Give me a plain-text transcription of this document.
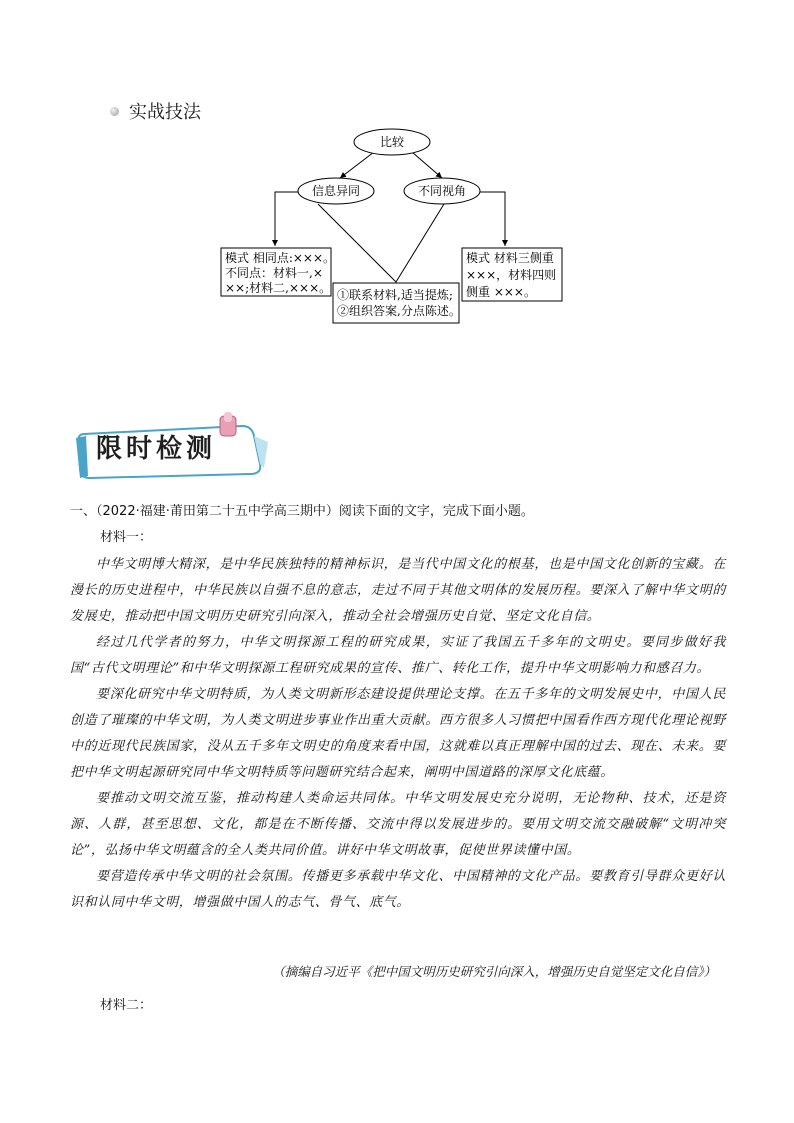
实战技法
比较
信息异同	不同视角
模式 相同点:×××。
不同点：材料一,×
××;材料二,×××。 ①联系材料,适当提炼;
②组织答案,分点陈述。
模式 材料三侧重
×××，材料四则
侧重 ×××。
限时检测
一、（2022·福建·莆田第二十五中学高三期中）阅读下面的文字，完成下面小题。
材料一：

中华文明博大精深，是中华民族独特的精神标识，是当代中国文化的根基，也是中国文化创新的宝藏。在漫长的历史进程中，中华民族以自强不息的意志，走过不同于其他文明体的发展历程。要深入了解中华文明的发展史，推动把中国文明历史研究引向深入，推动全社会增强历史自觉、坚定文化自信。

经过几代学者的努力，中华文明探源工程的研究成果，实证了我国五千多年的文明史。要同步做好我国“古代文明理论”和中华文明探源工程研究成果的宣传、推广、转化工作，提升中华文明影响力和感召力。

要深化研究中华文明特质，为人类文明新形态建设提供理论支撑。在五千多年的文明发展史中，中国人民创造了璀璨的中华文明，为人类文明进步事业作出重大贡献。西方很多人习惯把中国看作西方现代化理论视野中的近现代民族国家，没从五千多年文明史的角度来看中国，这就难以真正理解中国的过去、现在、未来。要把中华文明起源研究同中华文明特质等问题研究结合起来，阐明中国道路的深厚文化底蕴。

要推动文明交流互鉴，推动构建人类命运共同体。中华文明发展史充分说明，无论物种、技术，还是资源、人群，甚至思想、文化，都是在不断传播、交流中得以发展进步的。要用文明交流交融破解“文明冲突论”，弘扬中华文明蕴含的全人类共同价值。讲好中华文明故事，促使世界读懂中国。

要营造传承中华文明的社会氛围。传播更多承载中华文化、中国精神的文化产品。要教育引导群众更好认识和认同中华文明，增强做中国人的志气、骨气、底气。

（摘编自习近平《把中国文明历史研究引向深入，增强历史自觉坚定文化自信》）
材料二：
